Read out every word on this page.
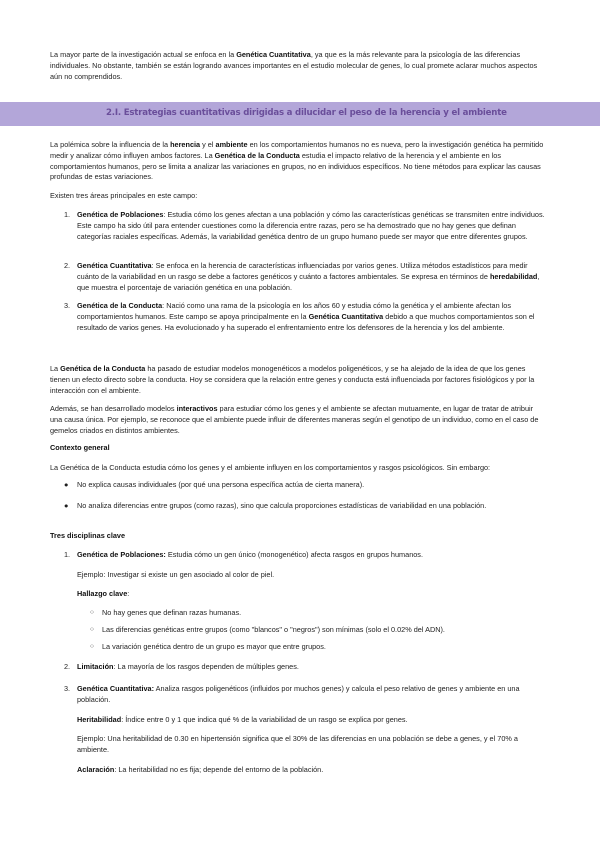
La mayor parte de la investigación actual se enfoca en la Genética Cuantitativa, ya que es la más relevante para la psicología de las diferencias individuales. No obstante, también se están logrando avances importantes en el estudio molecular de genes, lo cual promete aclarar muchos aspectos aún no comprendidos.

2.I. Estrategias cuantitativas dirigidas a dilucidar el peso de la herencia y el ambiente

La polémica sobre la influencia de la herencia y el ambiente en los comportamientos humanos no es nueva, pero la investigación genética ha permitido medir y analizar cómo influyen ambos factores. La Genética de la Conducta estudia el impacto relativo de la herencia y el ambiente en los comportamientos humanos, pero se limita a analizar las variaciones en grupos, no en individuos específicos. No tiene métodos para explicar las causas profundas de estas variaciones.

Existen tres áreas principales en este campo:

1. Genética de Poblaciones: Estudia cómo los genes afectan a una población y cómo las características genéticas se transmiten entre individuos. Este campo ha sido útil para entender cuestiones como la diferencia entre razas, pero se ha demostrado que no hay genes que definan categorías raciales específicas. Además, la variabilidad genética dentro de un grupo humano puede ser mayor que entre diferentes grupos.

2. Genética Cuantitativa: Se enfoca en la herencia de características influenciadas por varios genes. Utiliza métodos estadísticos para medir cuánto de la variabilidad en un rasgo se debe a factores genéticos y cuánto a factores ambientales. Se expresa en términos de heredabilidad, que muestra el porcentaje de variación genética en una población.

3. Genética de la Conducta: Nació como una rama de la psicología en los años 60 y estudia cómo la genética y el ambiente afectan los comportamientos humanos. Este campo se apoya principalmente en la Genética Cuantitativa debido a que muchos comportamientos son el resultado de varios genes. Ha evolucionado y ha superado el enfrentamiento entre los defensores de la herencia y los del ambiente.

La Genética de la Conducta ha pasado de estudiar modelos monogenéticos a modelos poligenéticos, y se ha alejado de la idea de que los genes tienen un efecto directo sobre la conducta. Hoy se considera que la relación entre genes y conducta está influenciada por factores fisiológicos y por la interacción con el ambiente.

Además, se han desarrollado modelos interactivos para estudiar cómo los genes y el ambiente se afectan mutuamente, en lugar de tratar de atribuir una causa única. Por ejemplo, se reconoce que el ambiente puede influir de diferentes maneras según el genotipo de un individuo, como en el caso de gemelos criados en distintos ambientes.

Contexto general

La Genética de la Conducta estudia cómo los genes y el ambiente influyen en los comportamientos y rasgos psicológicos. Sin embargo:

● No explica causas individuales (por qué una persona específica actúa de cierta manera).

● No analiza diferencias entre grupos (como razas), sino que calcula proporciones estadísticas de variabilidad en una población.

Tres disciplinas clave

1. Genética de Poblaciones: Estudia cómo un gen único (monogenético) afecta rasgos en grupos humanos.

Ejemplo: Investigar si existe un gen asociado al color de piel.

Hallazgo clave:

○ No hay genes que definan razas humanas.

○ Las diferencias genéticas entre grupos (como "blancos" o "negros") son mínimas (solo el 0.02% del ADN).

○ La variación genética dentro de un grupo es mayor que entre grupos.

2. Limitación: La mayoría de los rasgos dependen de múltiples genes.

3. Genética Cuantitativa: Analiza rasgos poligenéticos (influidos por muchos genes) y calcula el peso relativo de genes y ambiente en una población.

Heritabilidad: Índice entre 0 y 1 que indica qué % de la variabilidad de un rasgo se explica por genes.

Ejemplo: Una heritabilidad de 0.30 en hipertensión significa que el 30% de las diferencias en una población se debe a genes, y el 70% a ambiente.

Aclaración: La heritabilidad no es fija; depende del entorno de la población.
